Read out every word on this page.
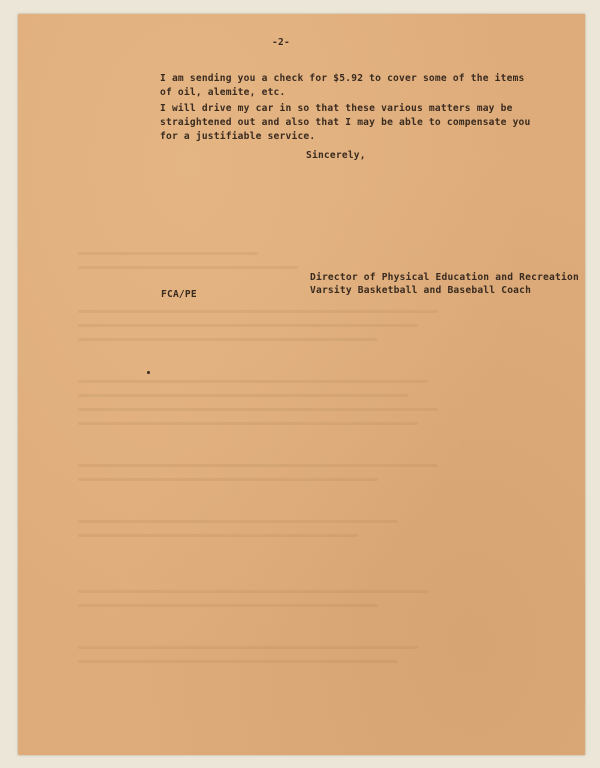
-2-
I am sending you a check for $5.92 to cover some of the items
of oil, alemite, etc.
I will drive my car in so that these various matters may be
straightened out and also that I may be able to compensate you
for a justifiable service.
Sincerely,
Director of Physical Education and Recreation
Varsity Basketball and Baseball Coach
FCA/PE
